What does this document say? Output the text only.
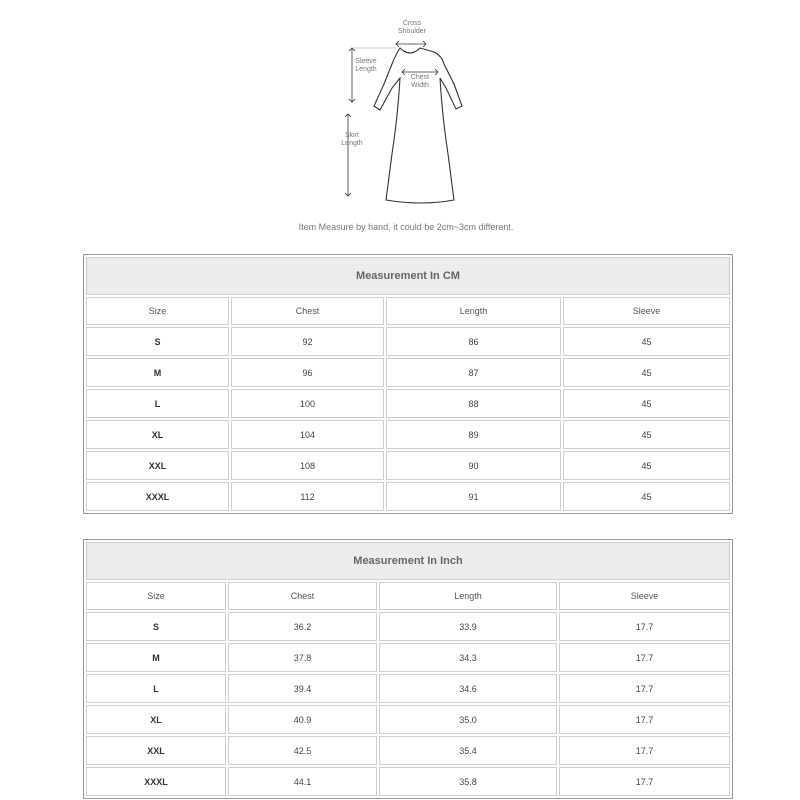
Cross
Shoulder
Sleeve
Length
Chest
Width
Skirt
Length
Item Measure by hand, it could be 2cm~3cm different.
Measurement In CM			
Size	Chest	Length	Sleeve
S	92	86	45
M	96	87	45
L	100	88	45
XL	104	89	45
XXL	108	90	45
XXXL	112	91	45
Measurement In Inch			
Size	Chest	Length	Sleeve
S	36.2	33.9	17.7
M	37.8	34.3	17.7
L	39.4	34.6	17.7
XL	40.9	35.0	17.7
XXL	42.5	35.4	17.7
XXXL	44.1	35.8	17.7
